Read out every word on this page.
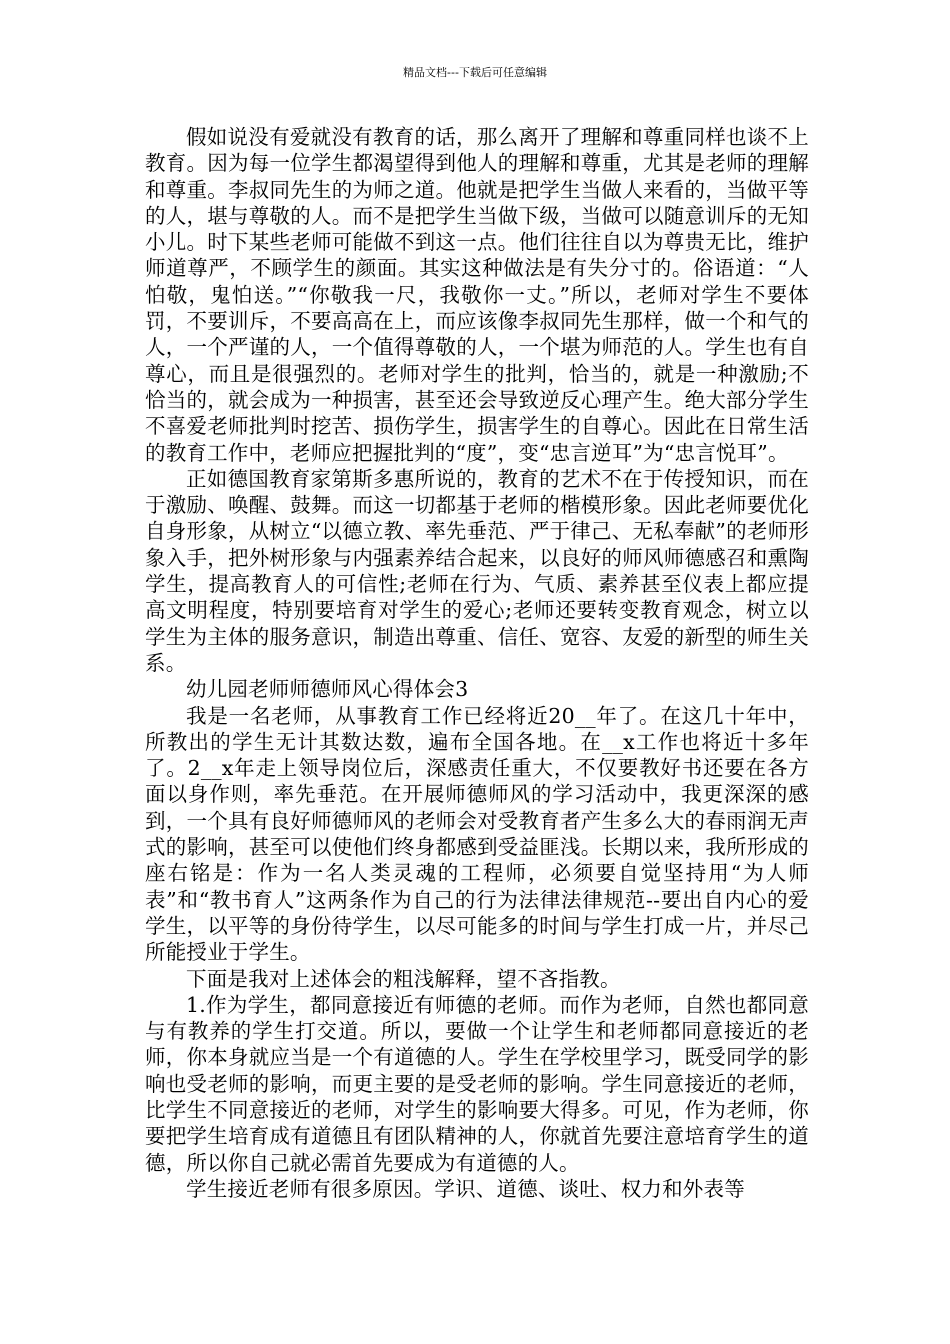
精品文档---下载后可任意编辑

假如说没有爱就没有教育的话，那么离开了理解和尊重同样也谈不上教育。因为每一位学生都渴望得到他人的理解和尊重，尤其是老师的理解和尊重。李叔同先生的为师之道。他就是把学生当做人来看的，当做平等的人，堪与尊敬的人。而不是把学生当做下级，当做可以随意训斥的无知小儿。时下某些老师可能做不到这一点。他们往往自以为尊贵无比，维护师道尊严，不顾学生的颜面。其实这种做法是有失分寸的。俗语道：“人怕敬，鬼怕送。”“你敬我一尺，我敬你一丈。”所以，老师对学生不要体罚，不要训斥，不要高高在上，而应该像李叔同先生那样，做一个和气的人，一个严谨的人，一个值得尊敬的人，一个堪为师范的人。学生也有自尊心，而且是很强烈的。老师对学生的批判，恰当的，就是一种激励;不恰当的，就会成为一种损害，甚至还会导致逆反心理产生。绝大部分学生不喜爱老师批判时挖苦、损伤学生，损害学生的自尊心。因此在日常生活的教育工作中，老师应把握批判的“度”，变“忠言逆耳”为“忠言悦耳”。

正如德国教育家第斯多惠所说的，教育的艺术不在于传授知识，而在于激励、唤醒、鼓舞。而这一切都基于老师的楷模形象。因此老师要优化自身形象，从树立“以德立教、率先垂范、严于律己、无私奉献”的老师形象入手，把外树形象与内强素养结合起来，以良好的师风师德感召和熏陶学生，提高教育人的可信性;老师在行为、气质、素养甚至仪表上都应提高文明程度，特别要培育对学生的爱心;老师还要转变教育观念，树立以学生为主体的服务意识，制造出尊重、信任、宽容、友爱的新型的师生关系。

幼儿园老师师德师风心得体会3

我是一名老师，从事教育工作已经将近20__年了。在这几十年中，所教出的学生无计其数达数，遍布全国各地。在__x工作也将近十多年了。2__x年走上领导岗位后，深感责任重大，不仅要教好书还要在各方面以身作则，率先垂范。在开展师德师风的学习活动中，我更深深的感到，一个具有良好师德师风的老师会对受教育者产生多么大的春雨润无声式的影响，甚至可以使他们终身都感到受益匪浅。长期以来，我所形成的座右铭是：作为一名人类灵魂的工程师，必须要自觉坚持用“为人师表”和“教书育人”这两条作为自己的行为法律法律规范--要出自内心的爱学生，以平等的身份待学生，以尽可能多的时间与学生打成一片，并尽己所能授业于学生。

下面是我对上述体会的粗浅解释，望不吝指教。

1.作为学生，都同意接近有师德的老师。而作为老师，自然也都同意与有教养的学生打交道。所以，要做一个让学生和老师都同意接近的老师，你本身就应当是一个有道德的人。学生在学校里学习，既受同学的影响也受老师的影响，而更主要的是受老师的影响。学生同意接近的老师，比学生不同意接近的老师，对学生的影响要大得多。可见，作为老师，你要把学生培育成有道德且有团队精神的人，你就首先要注意培育学生的道德，所以你自己就必需首先要成为有道德的人。

学生接近老师有很多原因。学识、道德、谈吐、权力和外表等
